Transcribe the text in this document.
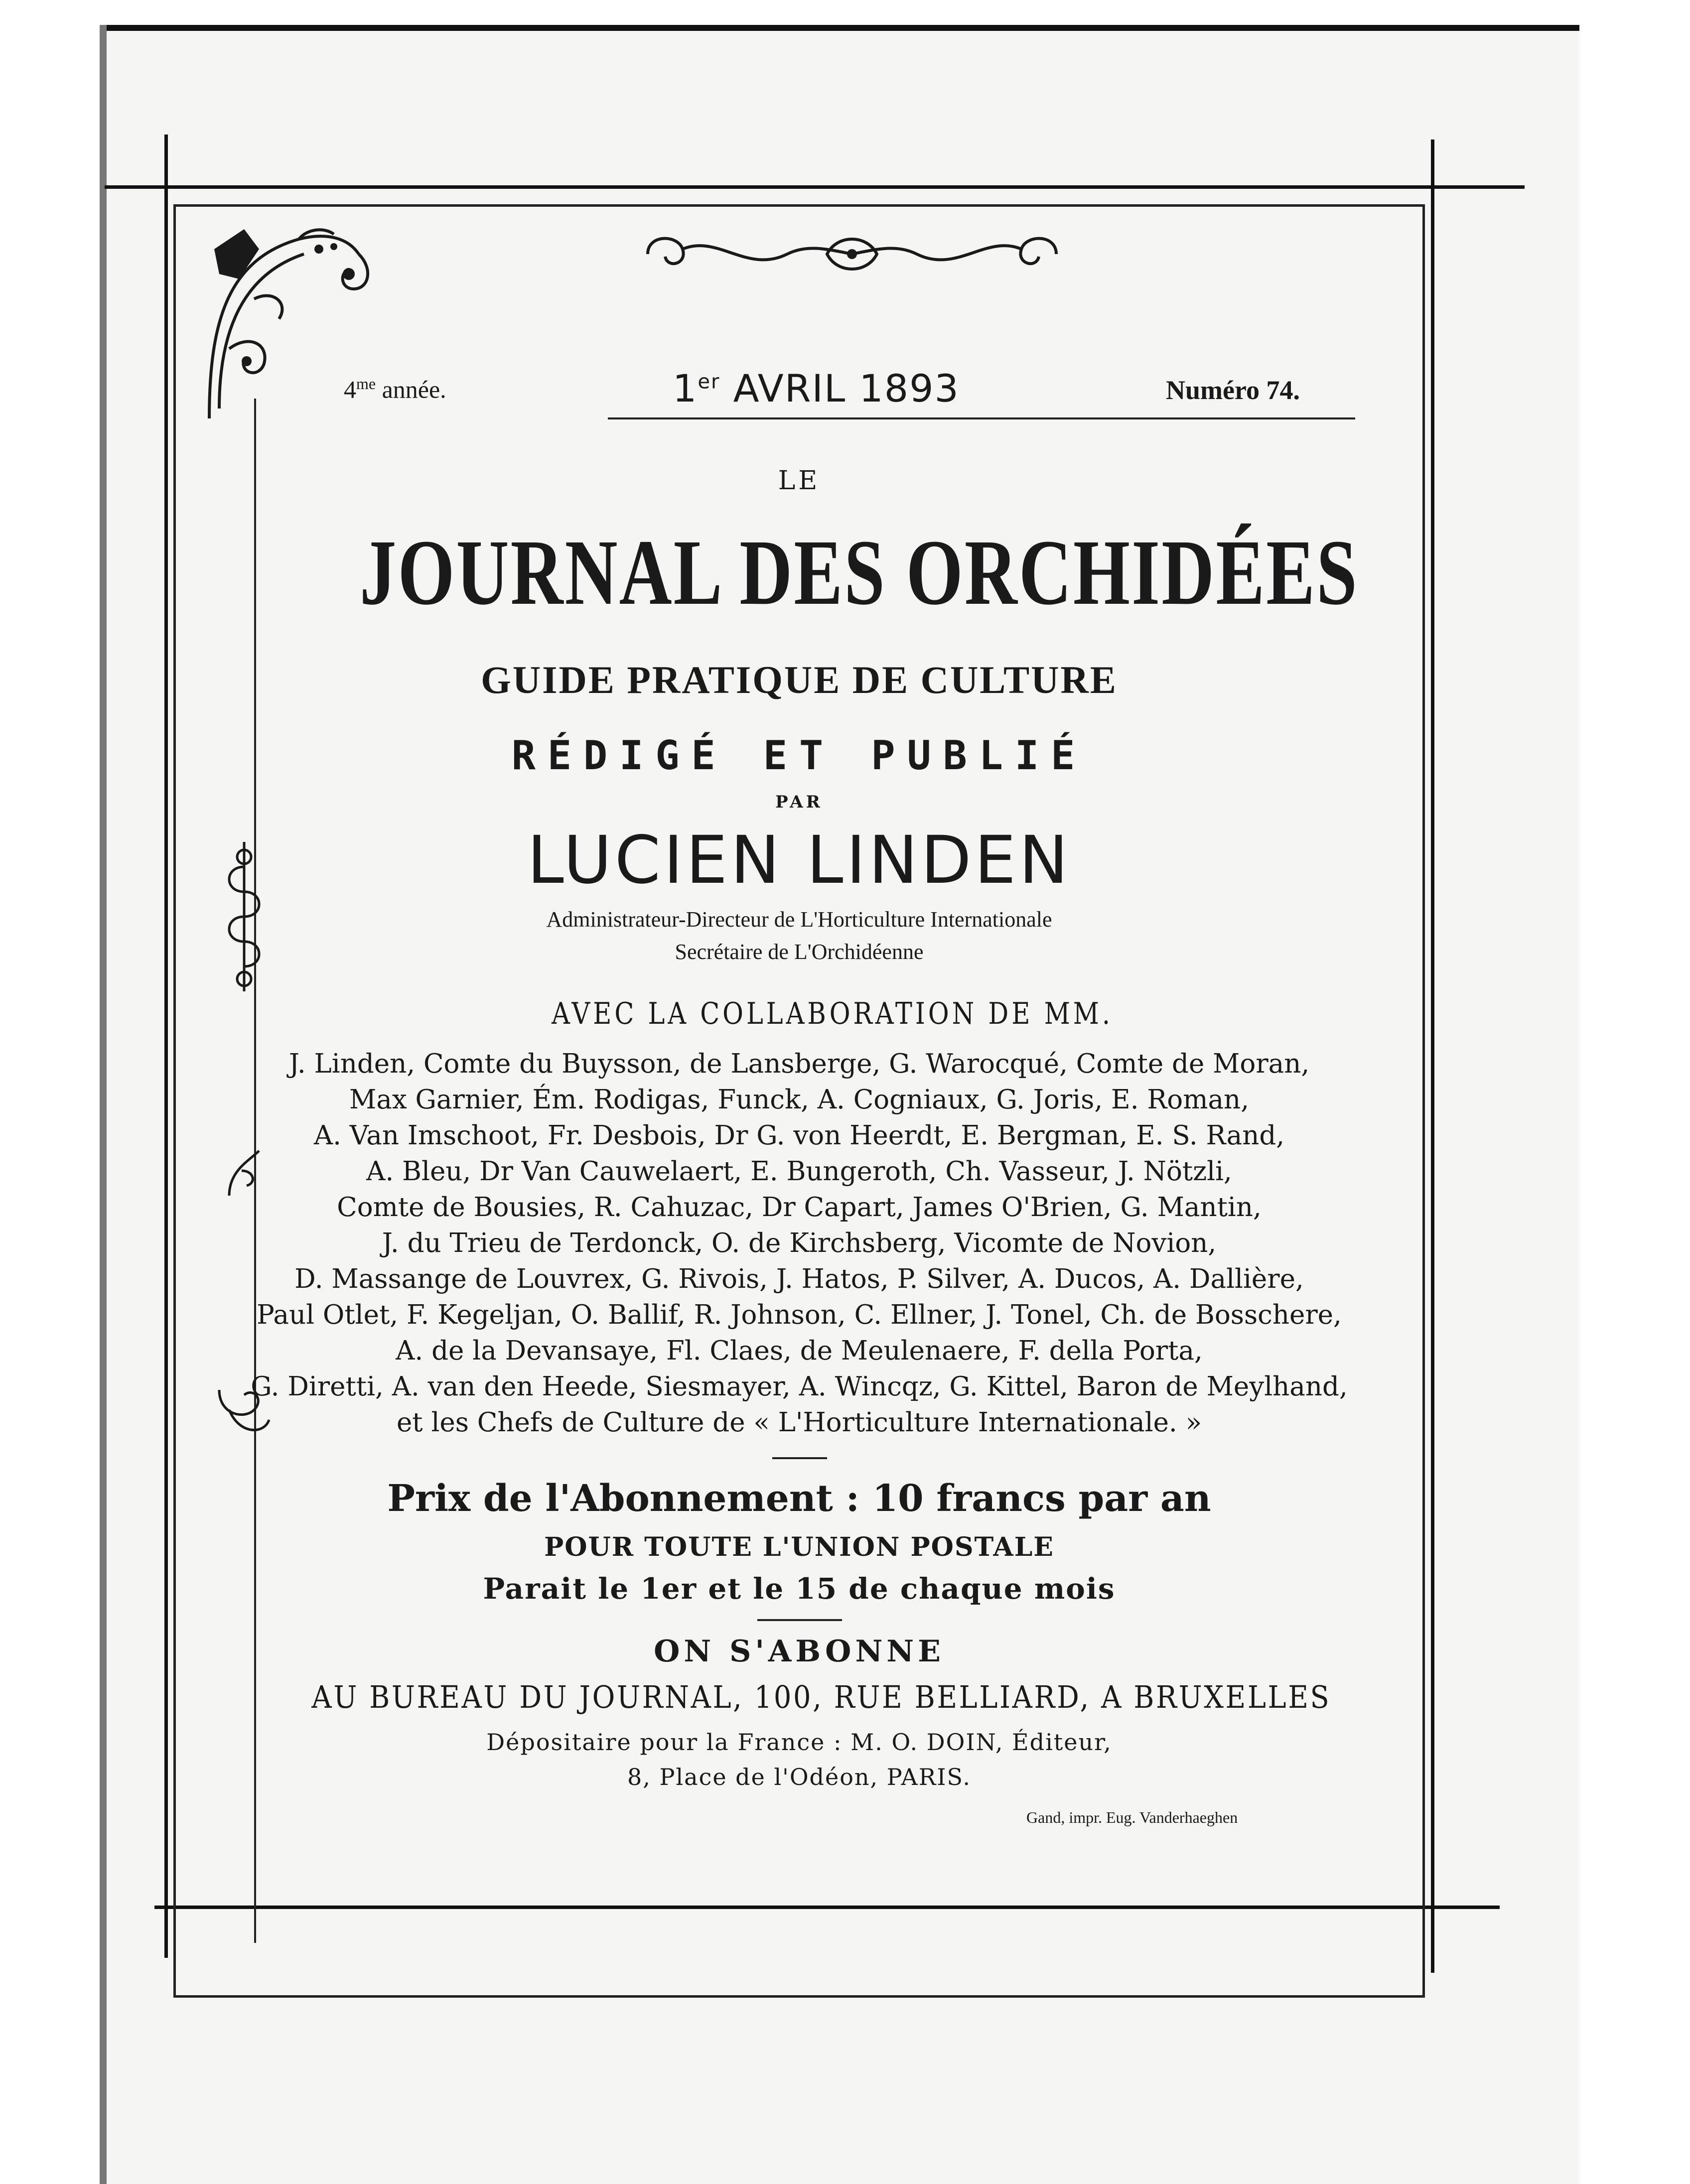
$4^{me}$ année.	1er AVRIL 1893	Numéro 74.
LE
JOURNAL DES ORCHIDÉES
GUIDE PRATIQUE DE CULTURE
RÉDIGÉ ET PUBLIÉ
PAR
LUCIEN LINDEN
Administrateur-Directeur de L'Horticulture Internationale
Secrétaire de L'Orchidéenne
AVEC LA COLLABORATION DE MM.
J. Linden, Comte du Buysson, de Lansberge, G. Warocqué, Comte de Moran,
Max Garnier, Ém. Rodigas, Funck, A. Cogniaux, G. Joris, E. Roman,
A. Van Imschoot, Fr. Desbois, Dr G. von Heerdt, E. Bergman, E. S. Rand,
A. Bleu, Dr Van Cauwelaert, E. Bungeroth, Ch. Vasseur, J. Nötzli,
Comte de Bousies, R. Cahuzac, Dr Capart, James O'Brien, G. Mantin,
J. du Trieu de Terdonck, O. de Kirchsberg, Vicomte de Novion,
D. Massange de Louvrex, G. Rivois, J. Hatos, P. Silver, A. Ducos, A. Dallière,
Paul Otlet, F. Kegeljan, O. Ballif, R. Johnson, C. Ellner, J. Tonel, Ch. de Bosschere,
A. de la Devansaye, Fl. Claes, de Meulenaere, F. della Porta,
G. Diretti, A. van den Heede, Siesmayer, A. Wincqz, G. Kittel, Baron de Meylhand,
et les Chefs de Culture de « L'Horticulture Internationale. »
Prix de l'Abonnement : 10 francs par an
POUR TOUTE L'UNION POSTALE
Parait le 1er et le 15 de chaque mois
ON S'ABONNE
AU BUREAU DU JOURNAL, 100, RUE BELLIARD, A BRUXELLES
Dépositaire pour la France : M. O. DOIN, Éditeur,
8, Place de l'Odéon, PARIS.
Gand, impr. Eug. Vanderhaeghen
